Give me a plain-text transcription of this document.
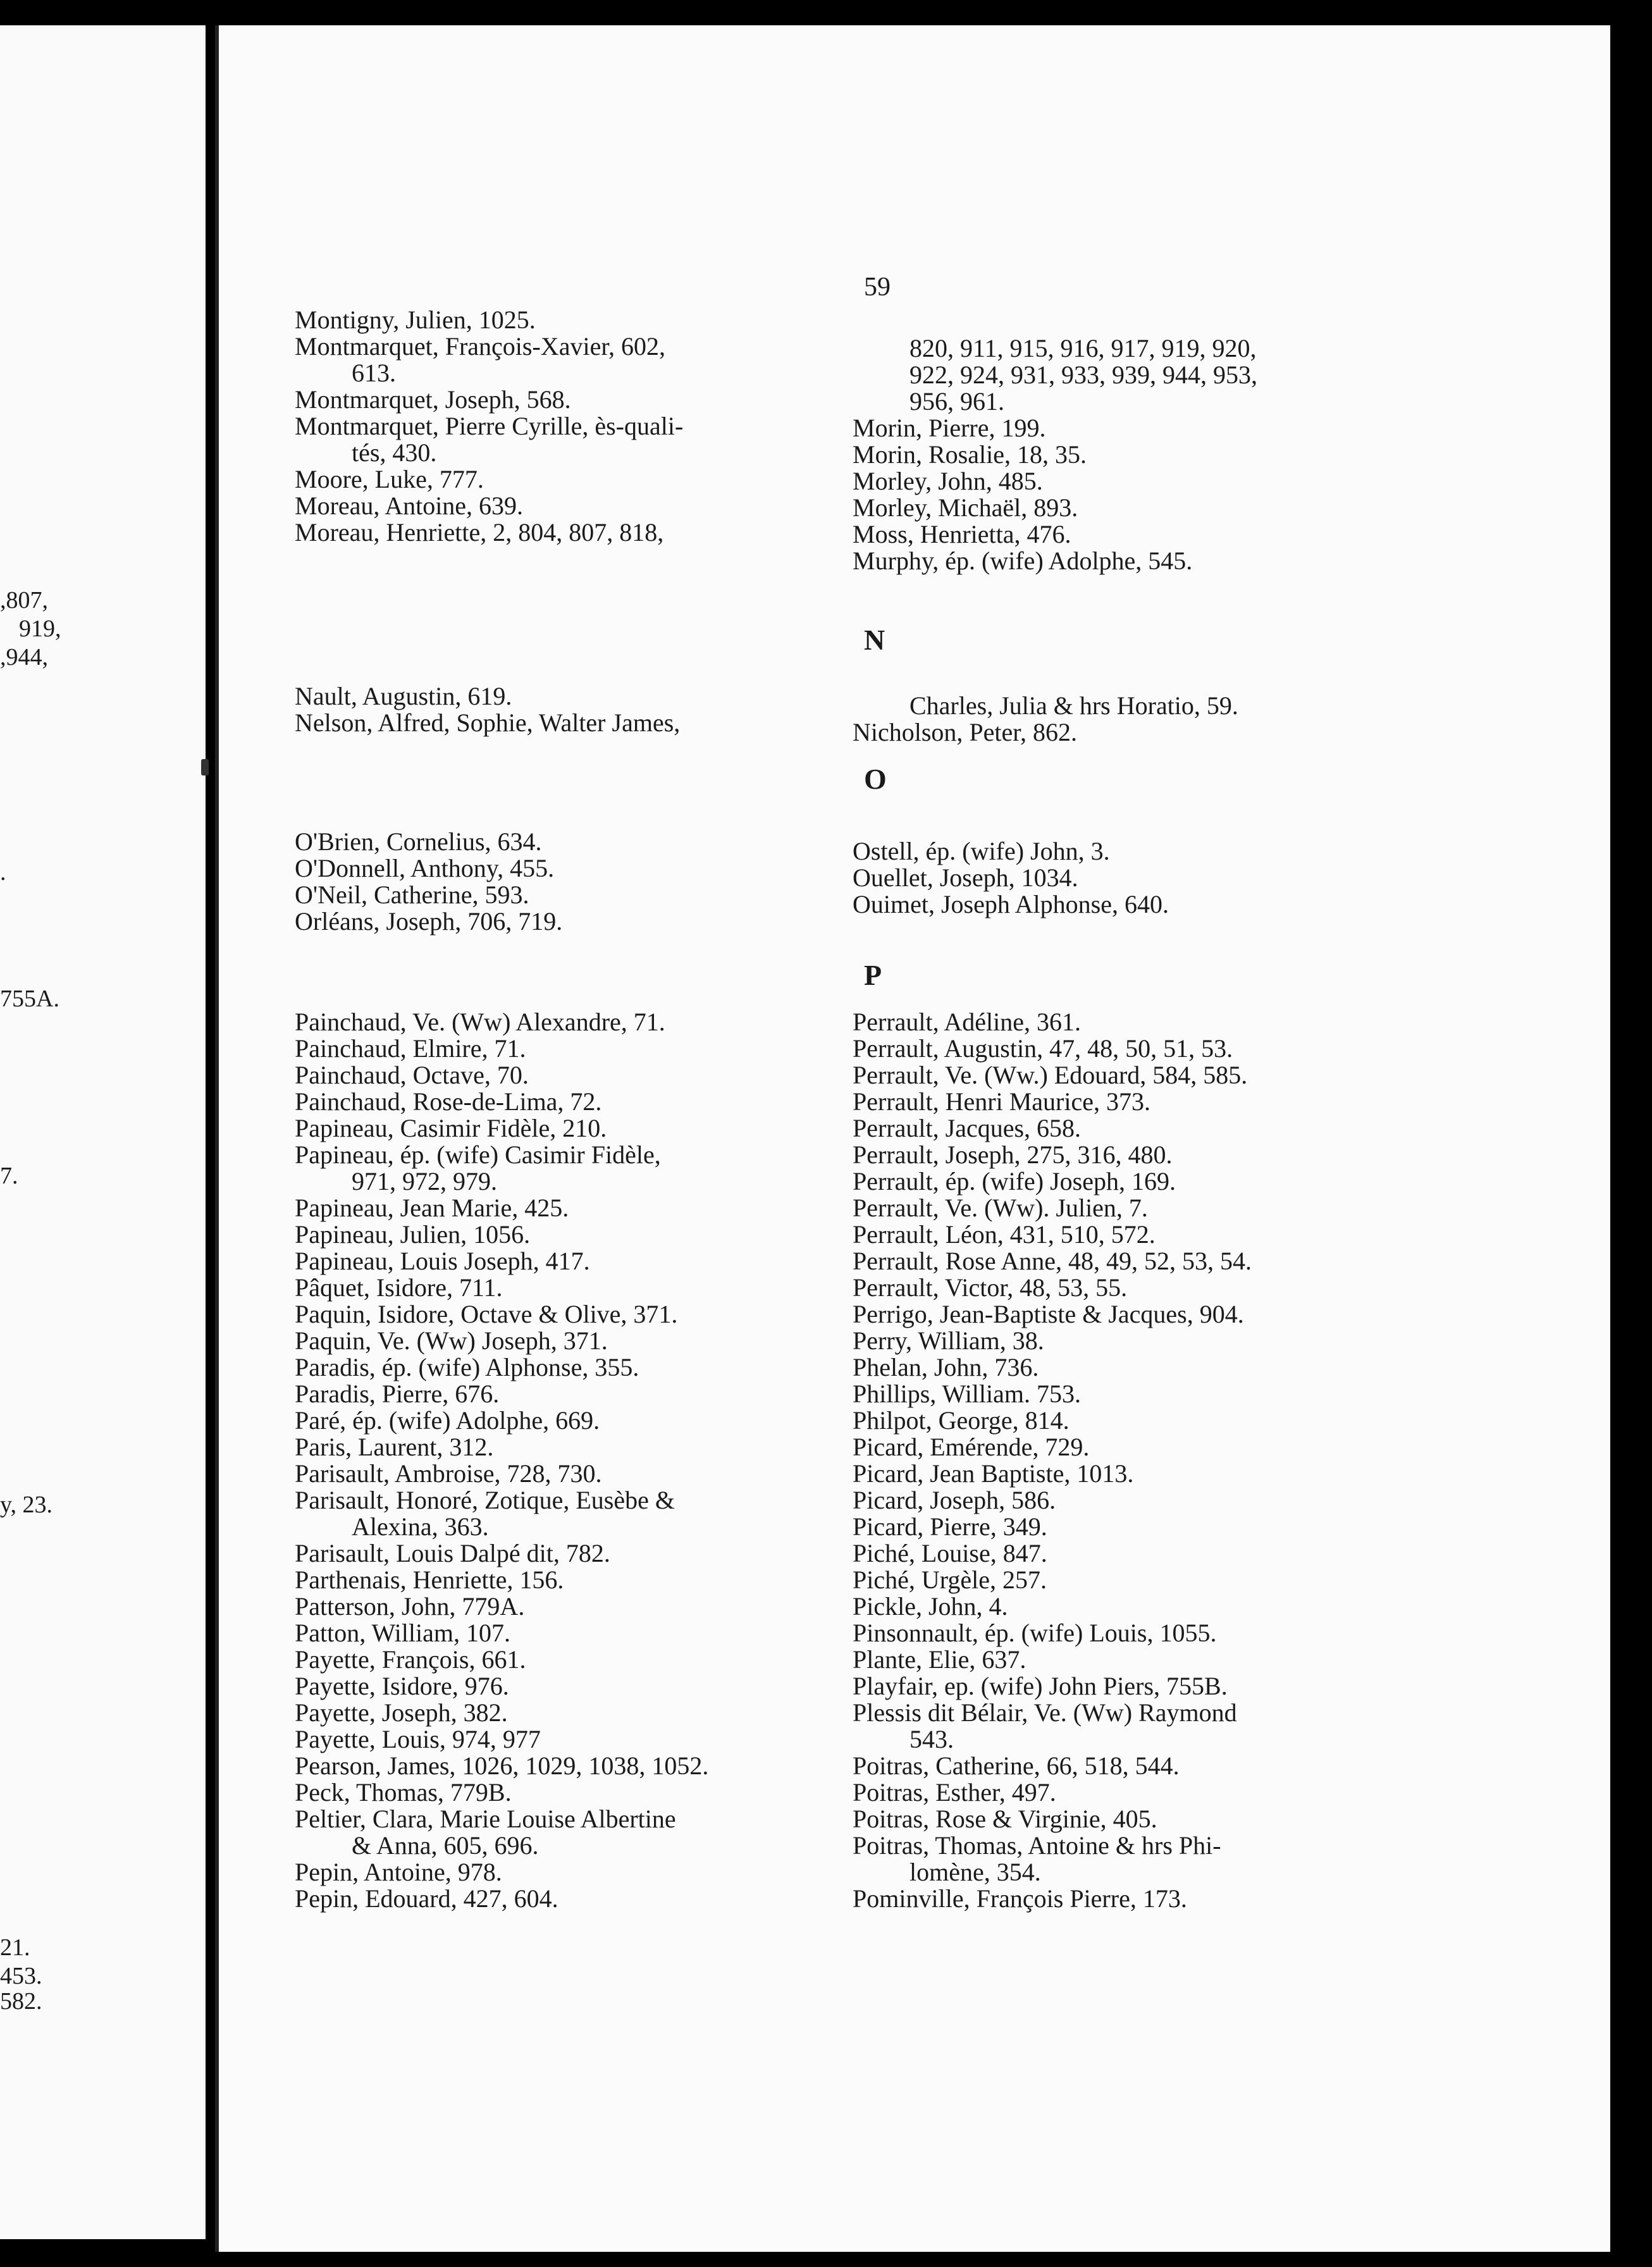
,807,
919,
,944,
.
755A.
7.
y, 23.
21.
453.
582.
59
N
O
P
Montigny, Julien, 1025.
Montmarquet, François-Xavier, 602,
613.
Montmarquet, Joseph, 568.
Montmarquet, Pierre Cyrille, ès-quali-
tés, 430.
Moore, Luke, 777.
Moreau, Antoine, 639.
Moreau, Henriette, 2, 804, 807, 818,
Nault, Augustin, 619.
Nelson, Alfred, Sophie, Walter James,
O'Brien, Cornelius, 634.
O'Donnell, Anthony, 455.
O'Neil, Catherine, 593.
Orléans, Joseph, 706, 719.
Painchaud, Ve. (Ww) Alexandre, 71.
Painchaud, Elmire, 71.
Painchaud, Octave, 70.
Painchaud, Rose-de-Lima, 72.
Papineau, Casimir Fidèle, 210.
Papineau, ép. (wife) Casimir Fidèle,
971, 972, 979.
Papineau, Jean Marie, 425.
Papineau, Julien, 1056.
Papineau, Louis Joseph, 417.
Pâquet, Isidore, 711.
Paquin, Isidore, Octave & Olive, 371.
Paquin, Ve. (Ww) Joseph, 371.
Paradis, ép. (wife) Alphonse, 355.
Paradis, Pierre, 676.
Paré, ép. (wife) Adolphe, 669.
Paris, Laurent, 312.
Parisault, Ambroise, 728, 730.
Parisault, Honoré, Zotique, Eusèbe &
Alexina, 363.
Parisault, Louis Dalpé dit, 782.
Parthenais, Henriette, 156.
Patterson, John, 779A.
Patton, William, 107.
Payette, François, 661.
Payette, Isidore, 976.
Payette, Joseph, 382.
Payette, Louis, 974, 977
Pearson, James, 1026, 1029, 1038, 1052.
Peck, Thomas, 779B.
Peltier, Clara, Marie Louise Albertine
& Anna, 605, 696.
Pepin, Antoine, 978.
Pepin, Edouard, 427, 604.
820, 911, 915, 916, 917, 919, 920,
922, 924, 931, 933, 939, 944, 953,
956, 961.
Morin, Pierre, 199.
Morin, Rosalie, 18, 35.
Morley, John, 485.
Morley, Michaël, 893.
Moss, Henrietta, 476.
Murphy, ép. (wife) Adolphe, 545.
Charles, Julia & hrs Horatio, 59.
Nicholson, Peter, 862.
Ostell, ép. (wife) John, 3.
Ouellet, Joseph, 1034.
Ouimet, Joseph Alphonse, 640.
Perrault, Adéline, 361.
Perrault, Augustin, 47, 48, 50, 51, 53.
Perrault, Ve. (Ww.) Edouard, 584, 585.
Perrault, Henri Maurice, 373.
Perrault, Jacques, 658.
Perrault, Joseph, 275, 316, 480.
Perrault, ép. (wife) Joseph, 169.
Perrault, Ve. (Ww). Julien, 7.
Perrault, Léon, 431, 510, 572.
Perrault, Rose Anne, 48, 49, 52, 53, 54.
Perrault, Victor, 48, 53, 55.
Perrigo, Jean-Baptiste & Jacques, 904.
Perry, William, 38.
Phelan, John, 736.
Phillips, William. 753.
Philpot, George, 814.
Picard, Emérende, 729.
Picard, Jean Baptiste, 1013.
Picard, Joseph, 586.
Picard, Pierre, 349.
Piché, Louise, 847.
Piché, Urgèle, 257.
Pickle, John, 4.
Pinsonnault, ép. (wife) Louis, 1055.
Plante, Elie, 637.
Playfair, ep. (wife) John Piers, 755B.
Plessis dit Bélair, Ve. (Ww) Raymond
543.
Poitras, Catherine, 66, 518, 544.
Poitras, Esther, 497.
Poitras, Rose & Virginie, 405.
Poitras, Thomas, Antoine & hrs Phi-
lomène, 354.
Pominville, François Pierre, 173.
